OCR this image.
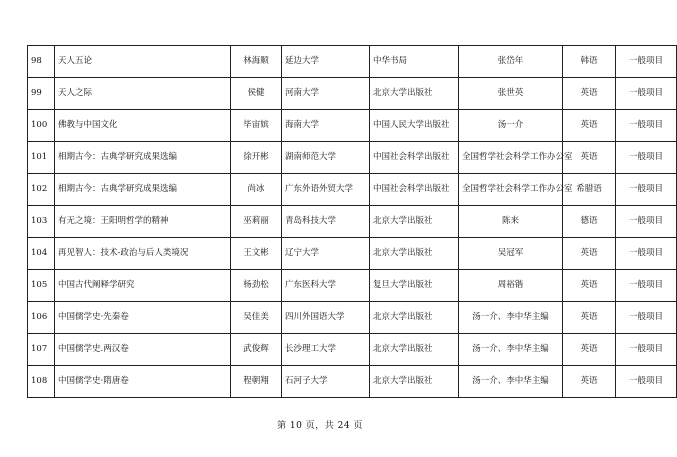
98	天人五论	林海顺	延边大学	中华书局	张岱年	韩语	一般项目
99	天人之际	侯健	河南大学	北京大学出版社	张世英	英语	一般项目
100	佛教与中国文化	毕宙嫔	海南大学	中国人民大学出版社	汤一介	英语	一般项目
101	相期古今：古典学研究成果选编	徐开彬	湖南师范大学	中国社会科学出版社	全国哲学社会科学工作办公室	英语	一般项目
102	相期古今：古典学研究成果选编	尚冰	广东外语外贸大学	中国社会科学出版社	全国哲学社会科学工作办公室	希腊语	一般项目
103	有无之境：王阳明哲学的精神	巫莉丽	青岛科技大学	北京大学出版社	陈来	德语	一般项目
104	再见智人：技术-政治与后人类境况	王文彬	辽宁大学	北京大学出版社	吴冠军	英语	一般项目
105	中国古代阐释学研究	杨劲松	广东医科大学	复旦大学出版社	周裕锴	英语	一般项目
106	中国儒学史·先秦卷	吴佳美	四川外国语大学	北京大学出版社	汤一介、李中华主编	英语	一般项目
107	中国儒学史.两汉卷	武俊辉	长沙理工大学	北京大学出版社	汤一介、李中华主编	英语	一般项目
108	中国儒学史·隋唐卷	程朝翔	石河子大学	北京大学出版社	汤一介、李中华主编	英语	一般项目
第 10 页，共 24 页
